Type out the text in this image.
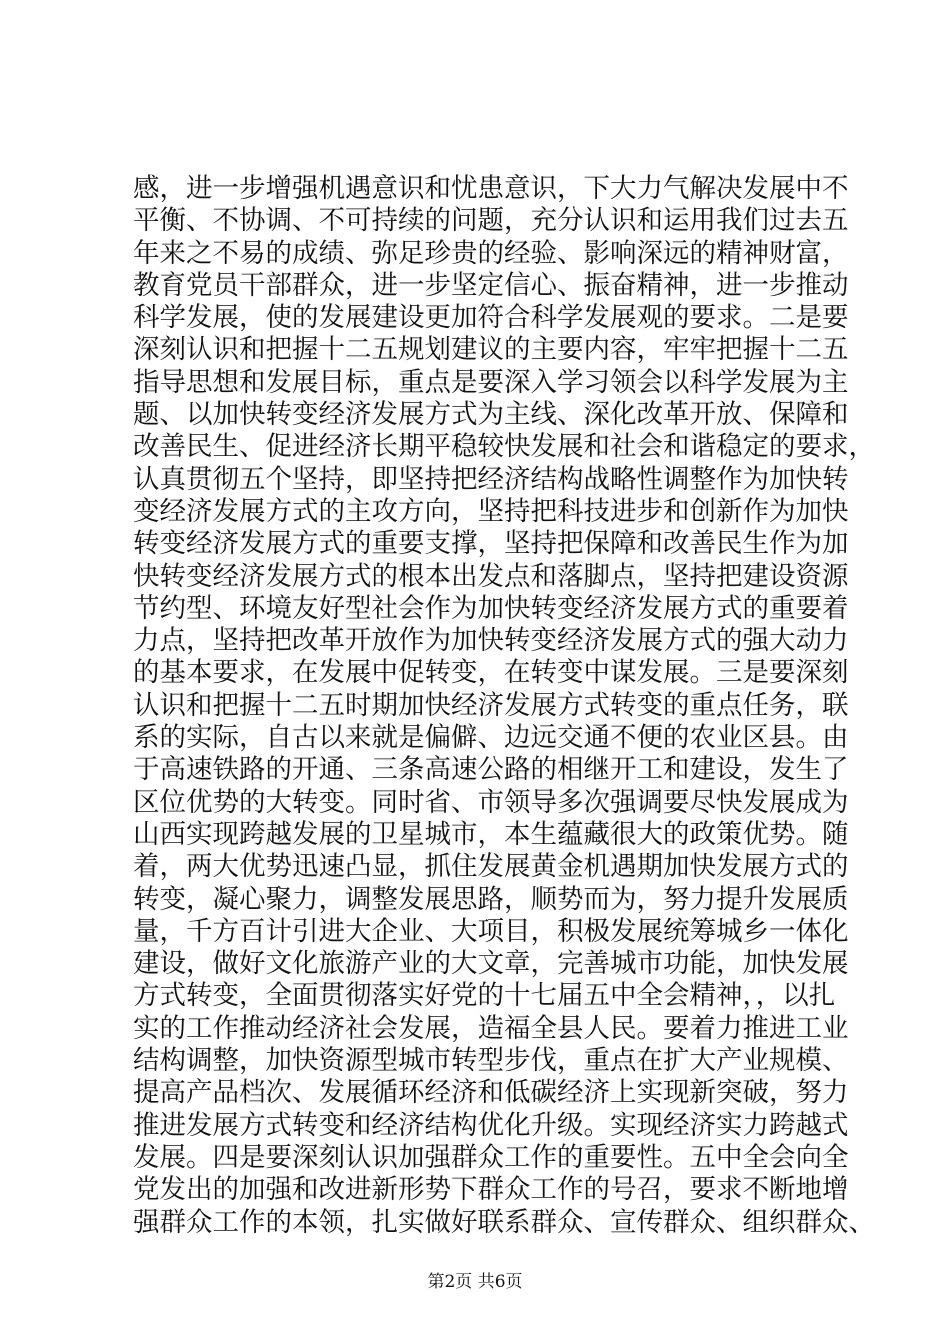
感，进一步增强机遇意识和忧患意识，下大力气解决发展中不
平衡、不协调、不可持续的问题，充分认识和运用我们过去五
年来之不易的成绩、弥足珍贵的经验、影响深远的精神财富，
教育党员干部群众，进一步坚定信心、振奋精神，进一步推动
科学发展，使的发展建设更加符合科学发展观的要求。二是要
深刻认识和把握十二五规划建议的主要内容，牢牢把握十二五
指导思想和发展目标，重点是要深入学习领会以科学发展为主
题、以加快转变经济发展方式为主线、深化改革开放、保障和
改善民生、促进经济长期平稳较快发展和社会和谐稳定的要求，
认真贯彻五个坚持，即坚持把经济结构战略性调整作为加快转
变经济发展方式的主攻方向，坚持把科技进步和创新作为加快
转变经济发展方式的重要支撑，坚持把保障和改善民生作为加
快转变经济发展方式的根本出发点和落脚点，坚持把建设资源
节约型、环境友好型社会作为加快转变经济发展方式的重要着
力点，坚持把改革开放作为加快转变经济发展方式的强大动力
的基本要求，在发展中促转变，在转变中谋发展。三是要深刻
认识和把握十二五时期加快经济发展方式转变的重点任务，联
系的实际，自古以来就是偏僻、边远交通不便的农业区县。由
于高速铁路的开通、三条高速公路的相继开工和建设，发生了
区位优势的大转变。同时省、市领导多次强调要尽快发展成为
山西实现跨越发展的卫星城市，本生蕴藏很大的政策优势。随
着，两大优势迅速凸显，抓住发展黄金机遇期加快发展方式的
转变，凝心聚力，调整发展思路，顺势而为，努力提升发展质
量，千方百计引进大企业、大项目，积极发展统筹城乡一体化
建设，做好文化旅游产业的大文章，完善城市功能，加快发展
方式转变，全面贯彻落实好党的十七届五中全会精神，，以扎
实的工作推动经济社会发展，造福全县人民。要着力推进工业
结构调整，加快资源型城市转型步伐，重点在扩大产业规模、
提高产品档次、发展循环经济和低碳经济上实现新突破，努力
推进发展方式转变和经济结构优化升级。实现经济实力跨越式
发展。四是要深刻认识加强群众工作的重要性。五中全会向全
党发出的加强和改进新形势下群众工作的号召，要求不断地增
强群众工作的本领，扎实做好联系群众、宣传群众、组织群众、
第2页 共6页
